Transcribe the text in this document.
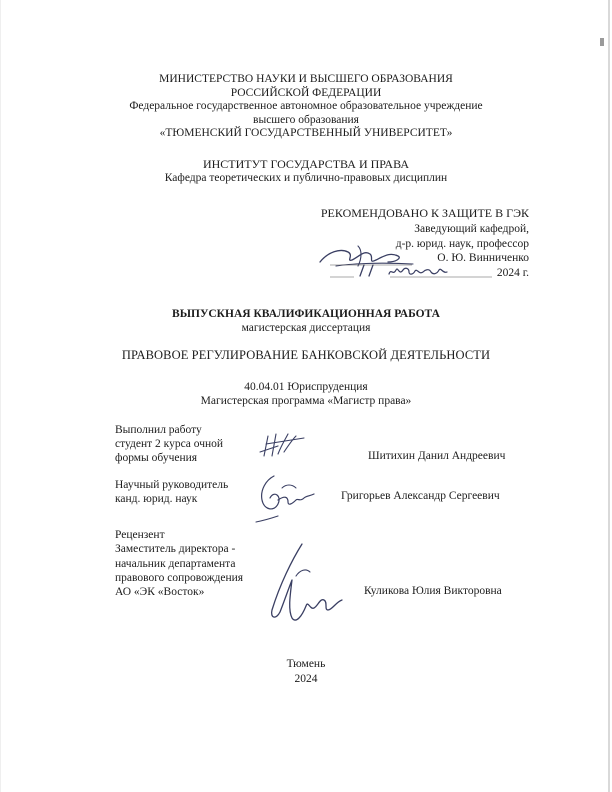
МИНИСТЕРСТВО НАУКИ И ВЫСШЕГО ОБРАЗОВАНИЯ
РОССИЙСКОЙ ФЕДЕРАЦИИ
Федеральное государственное автономное образовательное учреждение
высшего образования
«ТЮМЕНСКИЙ ГОСУДАРСТВЕННЫЙ УНИВЕРСИТЕТ»
ИНСТИТУТ ГОСУДАРСТВА И ПРАВА
Кафедра теоретических и публично-правовых дисциплин
РЕКОМЕНДОВАНО К ЗАЩИТЕ В ГЭК
Заведующий кафедрой,
д-р. юрид. наук, профессор
О. Ю. Винниченко
2024 г.
ВЫПУСКНАЯ КВАЛИФИКАЦИОННАЯ РАБОТА
магистерская диссертация
ПРАВОВОЕ РЕГУЛИРОВАНИЕ БАНКОВСКОЙ ДЕЯТЕЛЬНОСТИ
40.04.01 Юриспруденция
Магистерская программа «Магистр права»
Выполнил работу
студент 2 курса очной
формы обучения	Шитихин Данил Андреевич
Научный руководитель
канд. юрид. наук	Григорьев Александр Сергеевич
Рецензент
Заместитель директора -
начальник департамента
правового сопровождения
АО «ЭК «Восток»	Куликова Юлия Викторовна
Тюмень
2024
